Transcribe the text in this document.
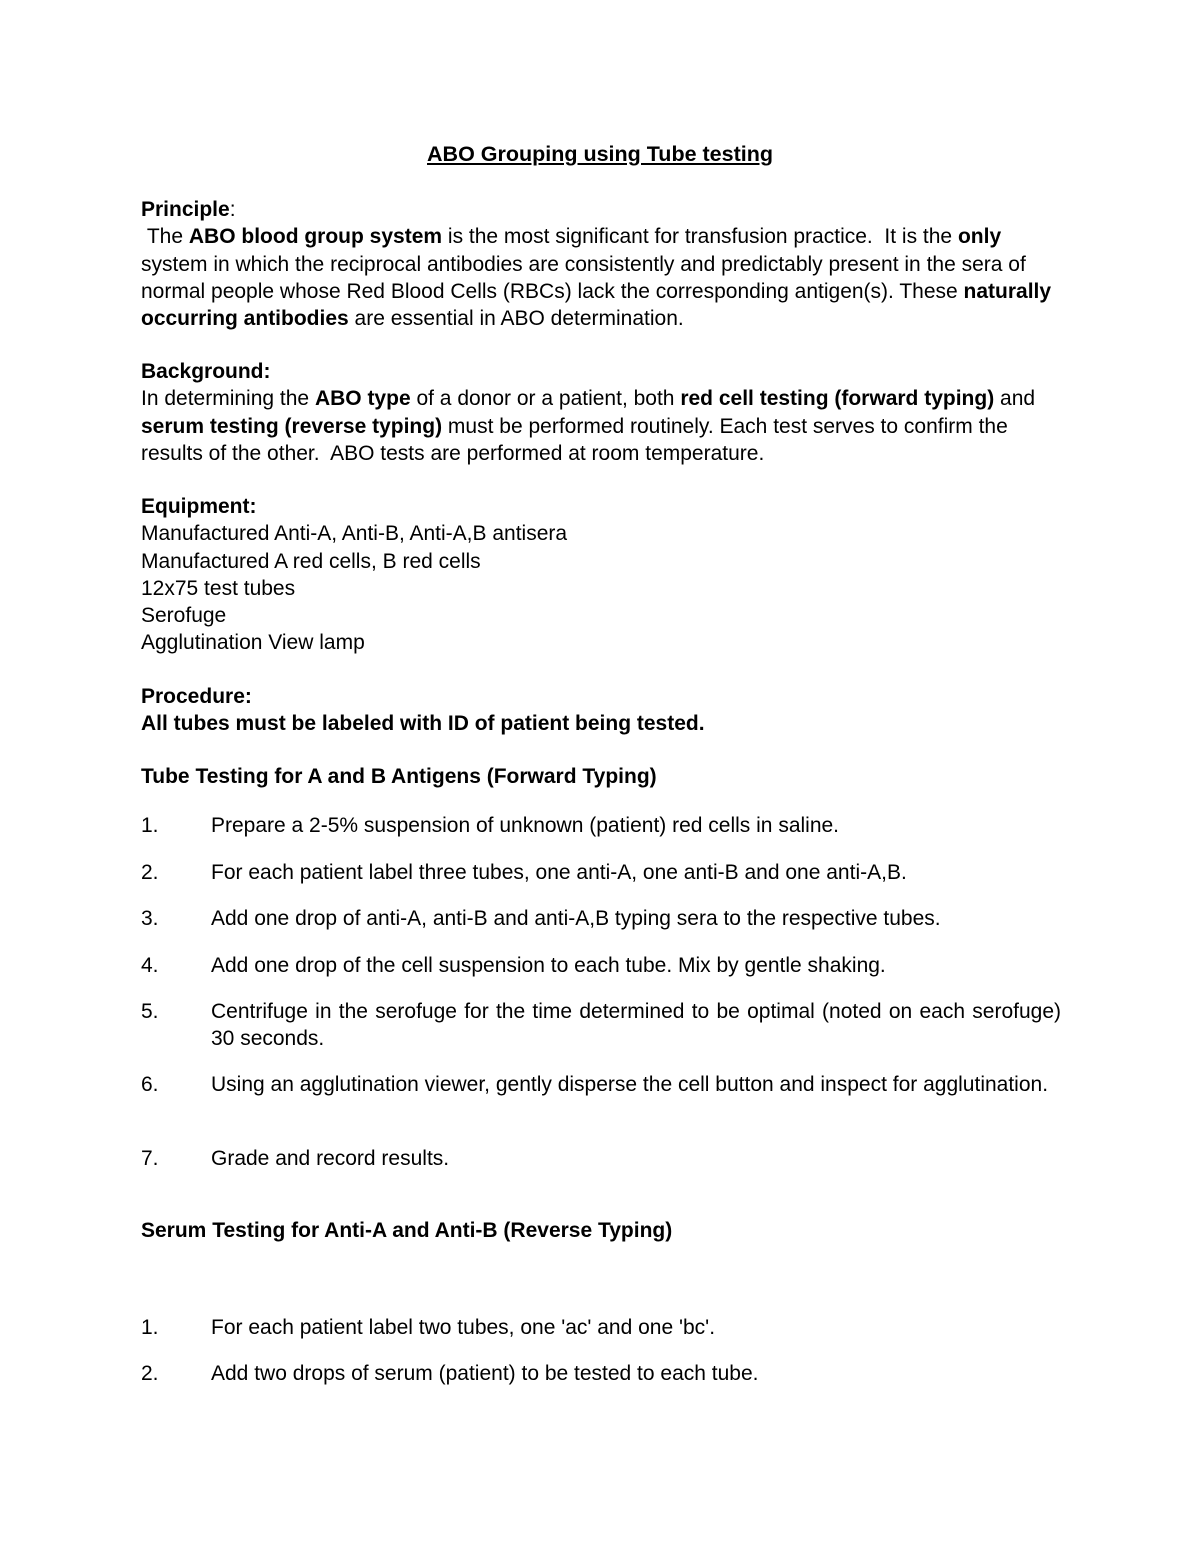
ABO Grouping using Tube testing

Principle:

The ABO blood group system is the most significant for transfusion practice.  It is the only system in which the reciprocal antibodies are consistently and predictably present in the sera of normal people whose Red Blood Cells (RBCs) lack the corresponding antigen(s). These naturally occurring antibodies are essential in ABO determination.

Background:

In determining the ABO type of a donor or a patient, both red cell testing (forward typing) and serum testing (reverse typing) must be performed routinely. Each test serves to confirm the results of the other.  ABO tests are performed at room temperature.

Equipment:

Manufactured Anti-A, Anti-B, Anti-A,B antisera

Manufactured A red cells, B red cells

12x75 test tubes

Serofuge

Agglutination View lamp

Procedure:

All tubes must be labeled with ID of patient being tested.

Tube Testing for A and B Antigens (Forward Typing)
1.	Prepare a 2-5% suspension of unknown (patient) red cells in saline.
2.	For each patient label three tubes, one anti-A, one anti-B and one anti-A,B.
3.	Add one drop of anti-A, anti-B and anti-A,B typing sera to the respective tubes.
4.	Add one drop of the cell suspension to each tube. Mix by gentle shaking.
5.	Centrifuge in the serofuge for the time determined to be optimal (noted on each serofuge) 30 seconds.
6.	Using an agglutination viewer, gently disperse the cell button and inspect for agglutination.
7.	Grade and record results.
Serum Testing for Anti-A and Anti-B (Reverse Typing)
1.	For each patient label two tubes, one 'ac' and one 'bc'.
2.	Add two drops of serum (patient) to be tested to each tube.
